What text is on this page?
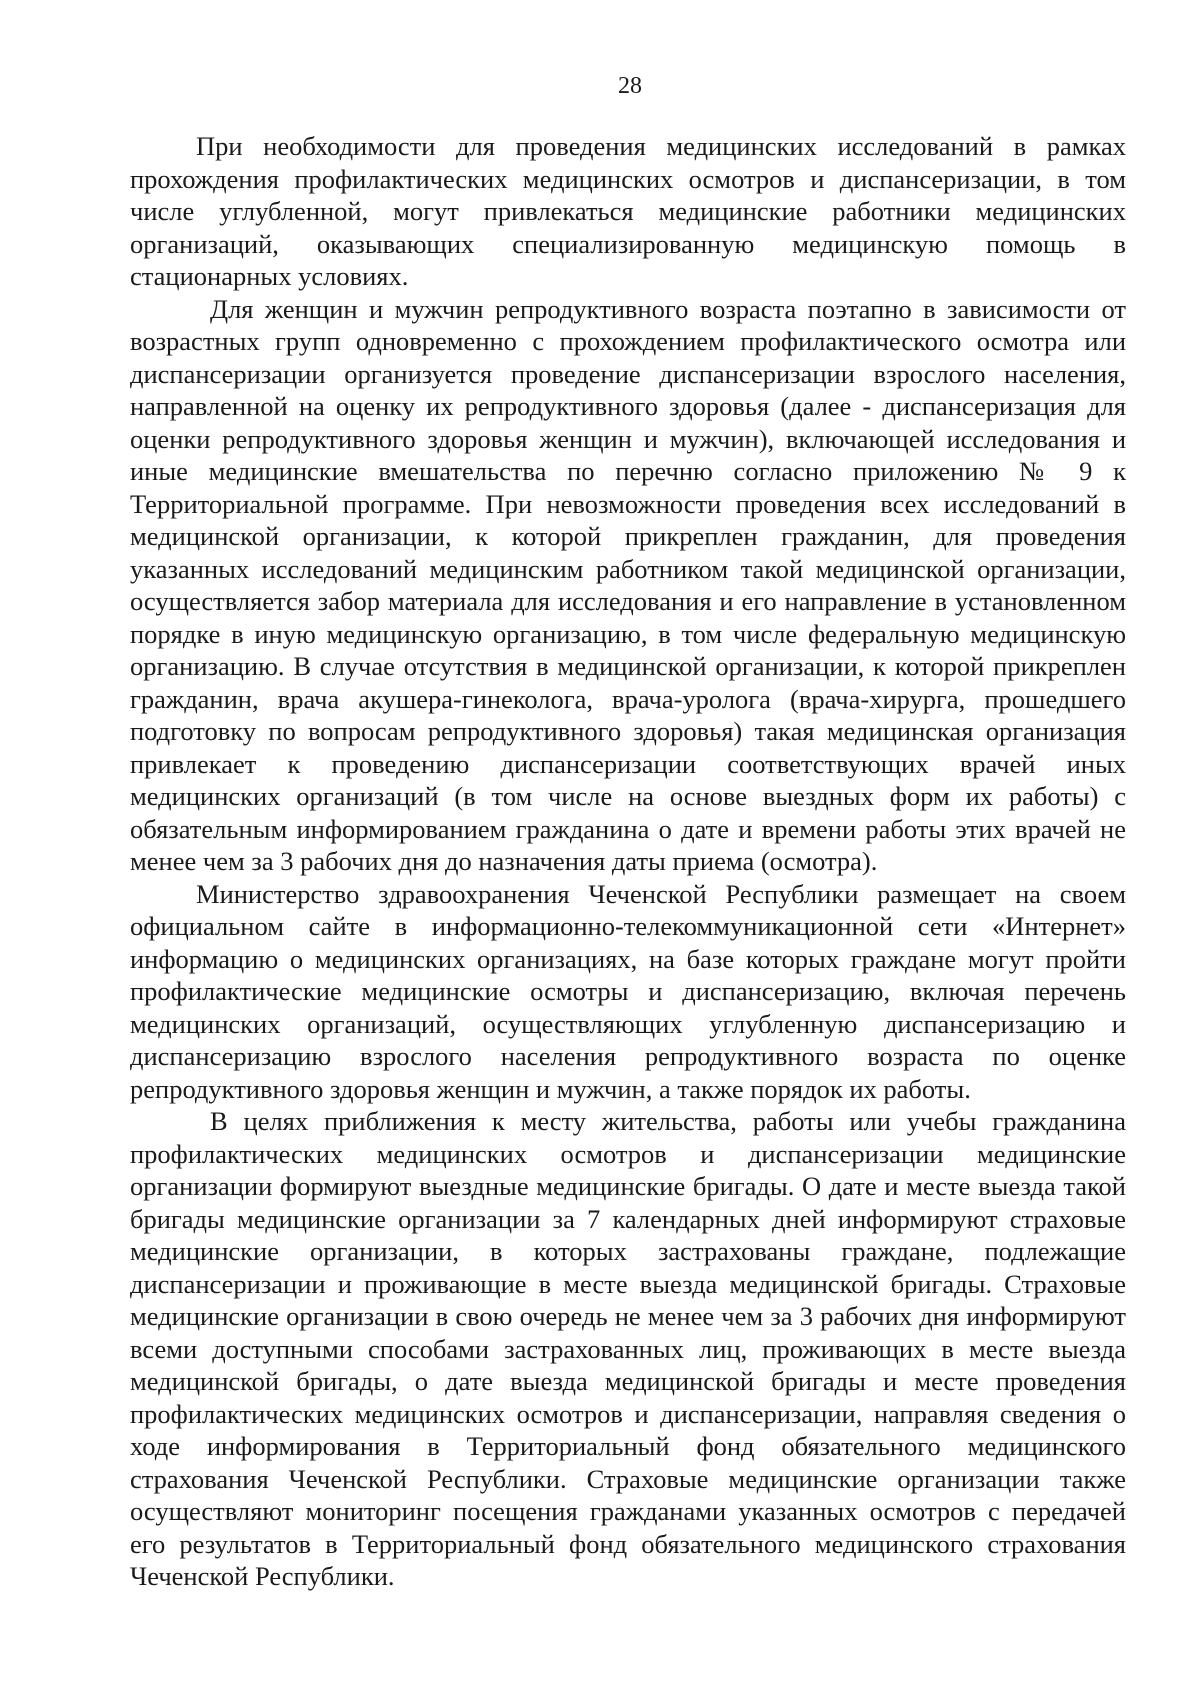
28

При необходимости для проведения медицинских исследований в рамках прохождения профилактических медицинских осмотров и диспансеризации, в том числе углубленной, могут привлекаться медицинские работники медицинских организаций, оказывающих специализированную медицинскую помощь в стационарных условиях.

Для женщин и мужчин репродуктивного возраста поэтапно в зависимости от возрастных групп одновременно с прохождением профилактического осмотра или диспансеризации организуется проведение диспансеризации взрослого населения, направленной на оценку их репродуктивного здоровья (далее - диспансеризация для оценки репродуктивного здоровья женщин и мужчин), включающей исследования и иные медицинские вмешательства по перечню согласно приложению № 9 к Территориальной программе. При невозможности проведения всех исследований в медицинской организации, к которой прикреплен гражданин, для проведения указанных исследований медицинским работником такой медицинской организации, осуществляется забор материала для исследования и его направление в установленном порядке в иную медицинскую организацию, в том числе федеральную медицинскую организацию. В случае отсутствия в медицинской организации, к которой прикреплен гражданин, врача акушера-гинеколога, врача-уролога (врача-хирурга, прошедшего подготовку по вопросам репродуктивного здоровья) такая медицинская организация привлекает к проведению диспансеризации соответствующих врачей иных медицинских организаций (в том числе на основе выездных форм их работы) с обязательным информированием гражданина о дате и времени работы этих врачей не менее чем за 3 рабочих дня до назначения даты приема (осмотра).

Министерство здравоохранения Чеченской Республики размещает на своем официальном сайте в информационно-телекоммуникационной сети «Интернет» информацию о медицинских организациях, на базе которых граждане могут пройти профилактические медицинские осмотры и диспансеризацию, включая перечень медицинских организаций, осуществляющих углубленную диспансеризацию и диспансеризацию взрослого населения репродуктивного возраста по оценке репродуктивного здоровья женщин и мужчин, а также порядок их работы.

В целях приближения к месту жительства, работы или учебы гражданина профилактических медицинских осмотров и диспансеризации медицинские организации формируют выездные медицинские бригады. О дате и месте выезда такой бригады медицинские организации за 7 календарных дней информируют страховые медицинские организации, в которых застрахованы граждане, подлежащие диспансеризации и проживающие в месте выезда медицинской бригады. Страховые медицинские организации в свою очередь не менее чем за 3 рабочих дня информируют всеми доступными способами застрахованных лиц, проживающих в месте выезда медицинской бригады, о дате выезда медицинской бригады и месте проведения профилактических медицинских осмотров и диспансеризации, направляя сведения о ходе информирования в Территориальный фонд обязательного медицинского страхования Чеченской Республики. Страховые медицинские организации также осуществляют мониторинг посещения гражданами указанных осмотров с передачей его результатов в Территориальный фонд обязательного медицинского страхования Чеченской Республики.
